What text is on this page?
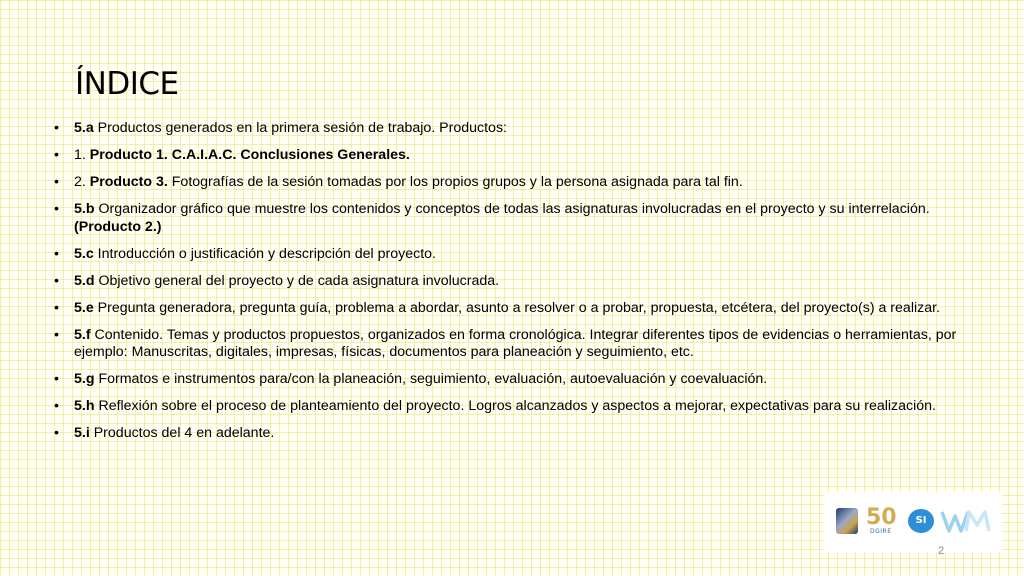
ÍNDICE
•	5.a Productos generados en la primera sesión de trabajo. Productos:
•	1. Producto 1. C.A.I.A.C. Conclusiones Generales.
•	2. Producto 3. Fotografías de la sesión tomadas por los propios grupos y la persona asignada para tal fin.
•	5.b Organizador gráfico que muestre los contenidos y conceptos de todas las asignaturas involucradas en el proyecto y su interrelación.(Producto 2.)
•	5.c Introducción o justificación y descripción del proyecto.
•	5.d Objetivo general del proyecto y de cada asignatura involucrada.
•	5.e Pregunta generadora, pregunta guía, problema a abordar, asunto a resolver o a probar, propuesta, etcétera, del proyecto(s) a realizar.
•	5.f Contenido. Temas y productos propuestos, organizados en forma cronológica. Integrar diferentes tipos de evidencias o herramientas, por ejemplo: Manuscritas, digitales, impresas, físicas, documentos para planeación y seguimiento, etc.
•	5.g Formatos e instrumentos para/con la planeación, seguimiento, evaluación, autoevaluación y coevaluación.
•	5.h Reflexión sobre el proceso de planteamiento del proyecto. Logros alcanzados y aspectos a mejorar, expectativas para su realización.
•	5.i Productos del 4 en adelante.
50
DGIRE
SI
2
